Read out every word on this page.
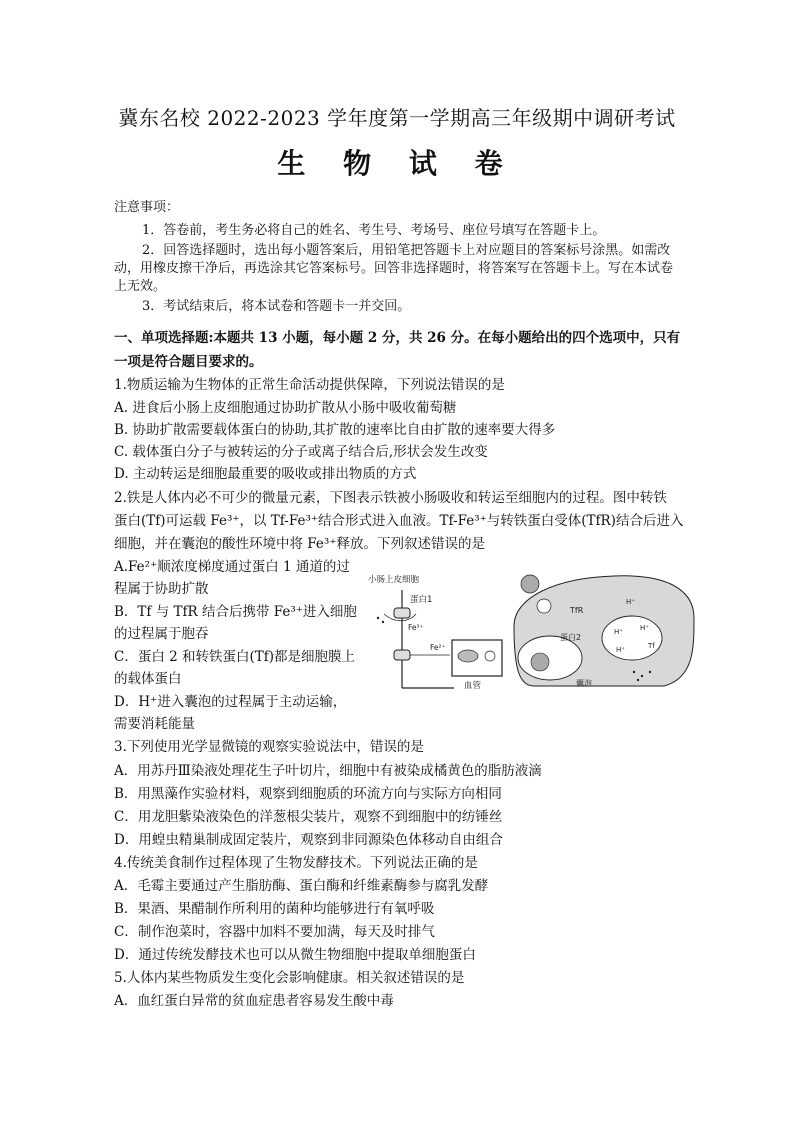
冀东名校 2022-2023 学年度第一学期高三年级期中调研考试
生 物 试 卷
注意事项：
1．答卷前，考生务必将自己的姓名、考生号、考场号、座位号填写在答题卡上。
2．回答选择题时，选出每小题答案后，用铅笔把答题卡上对应题目的答案标号涂黑。如需改动，用橡皮擦干净后，再选涂其它答案标号。回答非选择题时，将答案写在答题卡上。写在本试卷上无效。
3．考试结束后，将本试卷和答题卡一并交回。
一、单项选择题:本题共 13 小题，每小题 2 分，共 26 分。在每小题给出的四个选项中，只有
一项是符合题目要求的。
1.物质运输为生物体的正常生命活动提供保障，下列说法错误的是
A. 进食后小肠上皮细胞通过协助扩散从小肠中吸收葡萄糖
B. 协助扩散需要载体蛋白的协助,其扩散的速率比自由扩散的速率要大得多
C. 载体蛋白分子与被转运的分子或离子结合后,形状会发生改变
D. 主动转运是细胞最重要的吸收或排出物质的方式
2.铁是人体内必不可少的微量元素，下图表示铁被小肠吸收和转运至细胞内的过程。图中转铁
蛋白(Tf)可运载 Fe³⁺，以 Tf-Fe³⁺结合形式进入血液。Tf-Fe³⁺与转铁蛋白受体(TfR)结合后进入
细胞，并在囊泡的酸性环境中将 Fe³⁺释放。下列叙述错误的是
A.Fe²⁺顺浓度梯度通过蛋白 1 通道的过
程属于协助扩散
B．Tf 与 TfR 结合后携带 Fe³⁺进入细胞
的过程属于胞吞
C．蛋白 2 和转铁蛋白(Tf)都是细胞膜上
的载体蛋白
D．H⁺进入囊泡的过程属于主动运输，
需要消耗能量
小肠上皮细胞
蛋白1
Fe³⁺
Fe²⁺
血管
TfR
蛋白2
囊泡
H⁺
H⁺ H⁺
H⁺	Tf
3.下列使用光学显微镜的观察实验说法中，错误的是
A．用苏丹Ⅲ染液处理花生子叶切片，细胞中有被染成橘黄色的脂肪液滴
B．用黑藻作实验材料，观察到细胞质的环流方向与实际方向相同
C．用龙胆紫染液染色的洋葱根尖装片，观察不到细胞中的纺锤丝
D．用蝗虫精巢制成固定装片，观察到非同源染色体移动自由组合
4.传统美食制作过程体现了生物发酵技术。下列说法正确的是
A．毛霉主要通过产生脂肪酶、蛋白酶和纤维素酶参与腐乳发酵
B．果酒、果醋制作所利用的菌种均能够进行有氧呼吸
C．制作泡菜时，容器中加料不要加满，每天及时排气
D．通过传统发酵技术也可以从微生物细胞中提取单细胞蛋白
5.人体内某些物质发生变化会影响健康。相关叙述错误的是
A．血红蛋白异常的贫血症患者容易发生酸中毒
